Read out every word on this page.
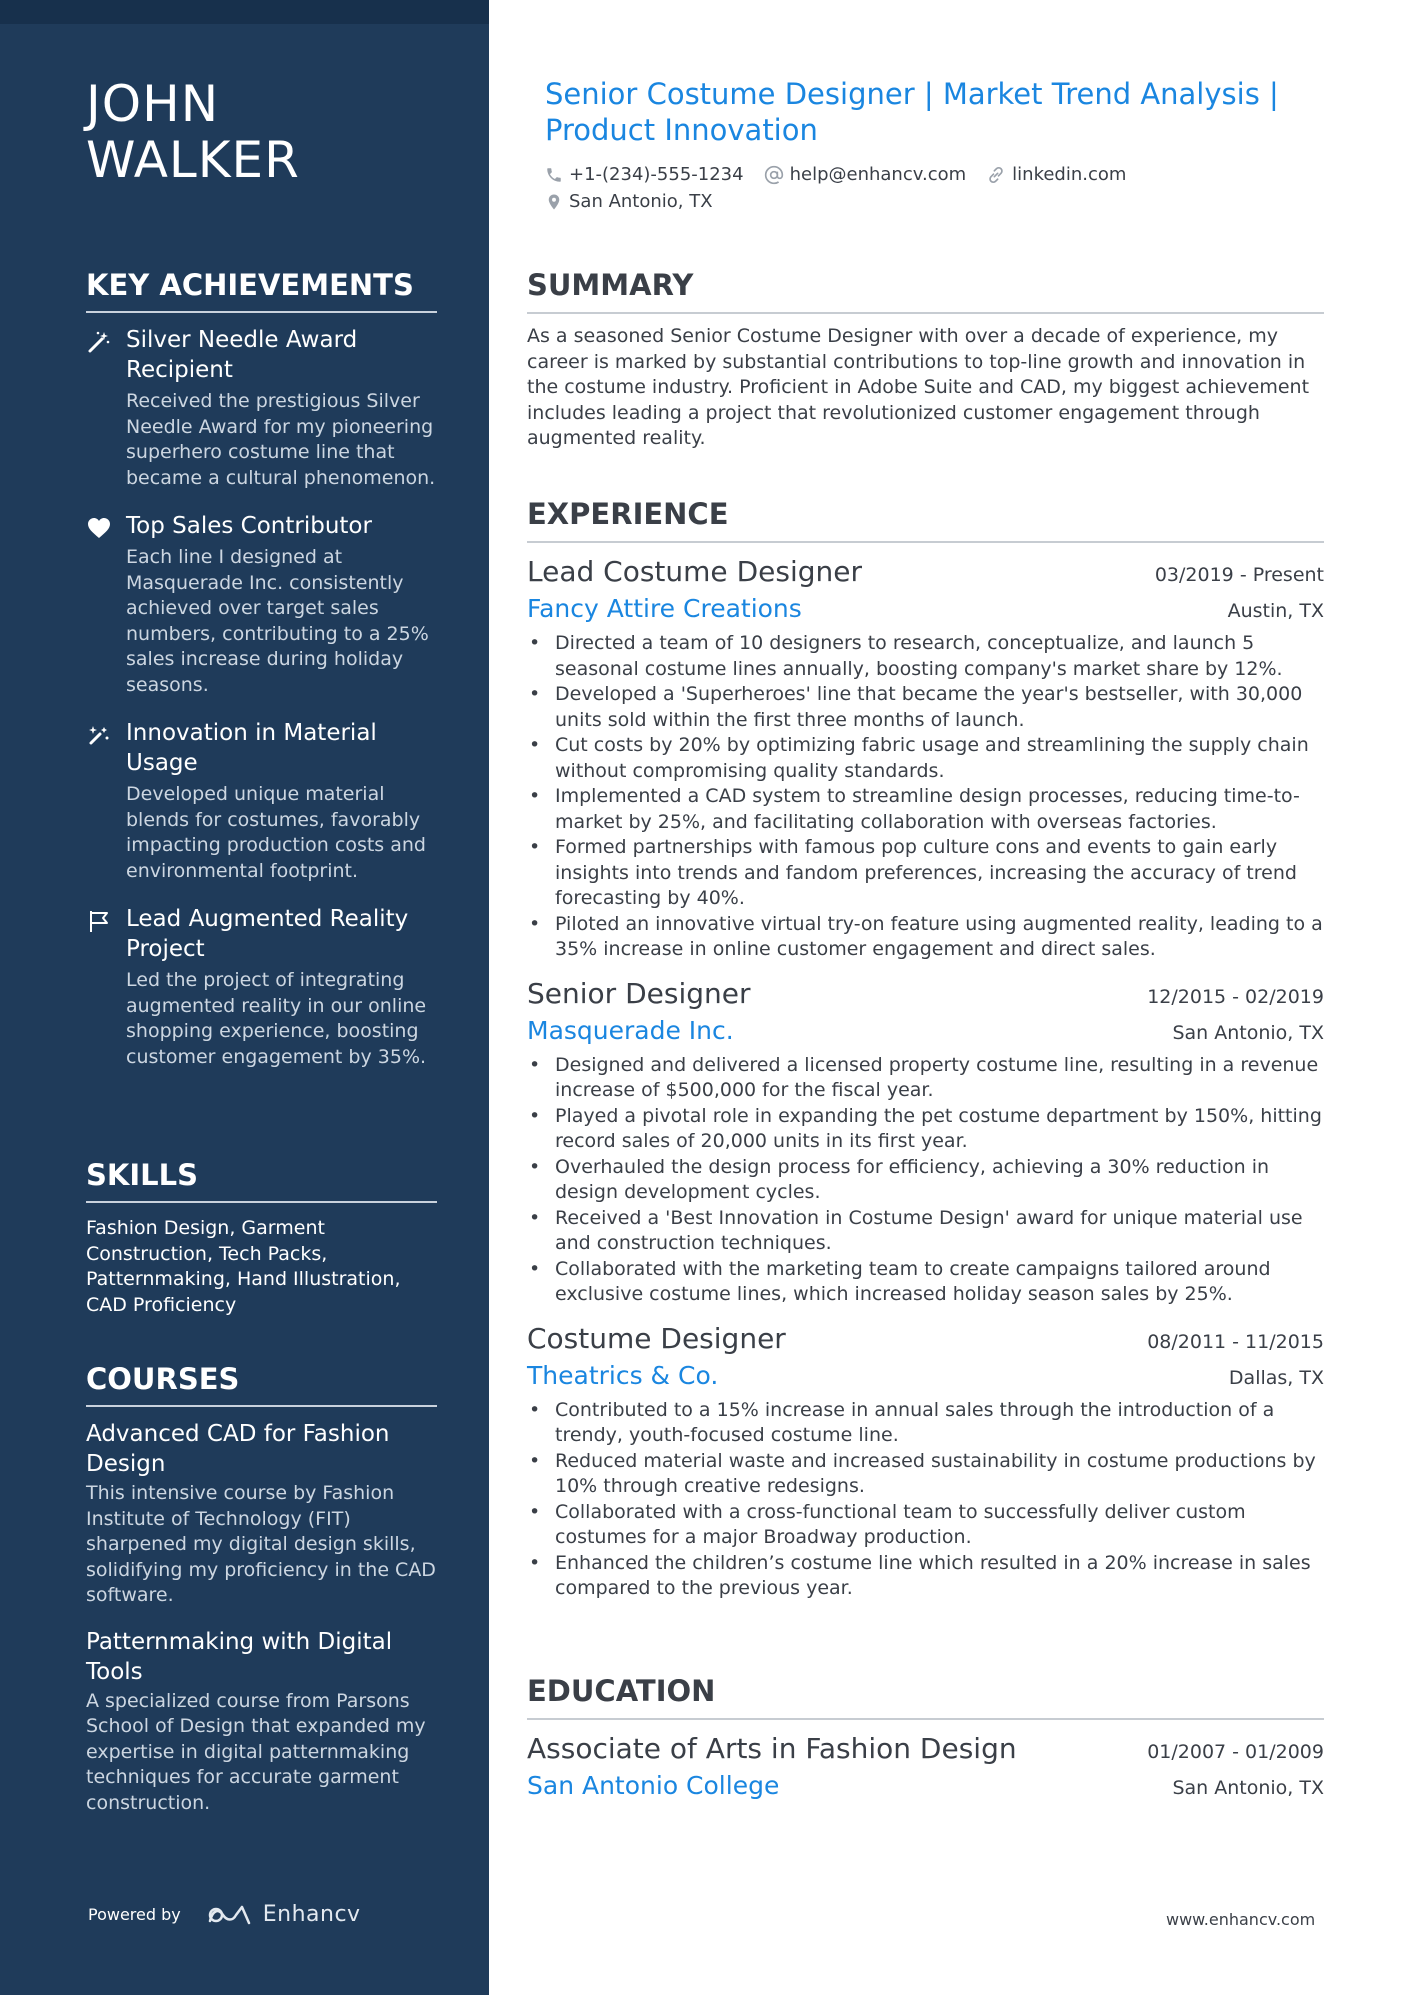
JOHN
WALKER
KEY ACHIEVEMENTS
Silver Needle Award Recipient
Received the prestigious Silver Needle Award for my pioneering superhero costume line that became a cultural phenomenon.
Top Sales Contributor
Each line I designed at Masquerade Inc. consistently achieved over target sales numbers, contributing to a 25% sales increase during holiday seasons.
Innovation in Material Usage
Developed unique material blends for costumes, favorably impacting production costs and environmental footprint.
Lead Augmented Reality Project
Led the project of integrating augmented reality in our online shopping experience, boosting customer engagement by 35%.
SKILLS
Fashion Design, Garment Construction, Tech Packs, Patternmaking, Hand Illustration, CAD Proficiency
COURSES
Advanced CAD for Fashion Design
This intensive course by Fashion Institute of Technology (FIT) sharpened my digital design skills, solidifying my proficiency in the CAD software.
Patternmaking with Digital Tools
A specialized course from Parsons School of Design that expanded my expertise in digital patternmaking techniques for accurate garment construction.
Powered by	Enhancv
Senior Costume Designer | Market Trend Analysis | Product Innovation
+1-(234)-555-1234	help@enhancv.com	linkedin.com
San Antonio, TX
SUMMARY
As a seasoned Senior Costume Designer with over a decade of experience, my career is marked by substantial contributions to top-line growth and innovation in the costume industry. Proficient in Adobe Suite and CAD, my biggest achievement includes leading a project that revolutionized customer engagement through augmented reality.
EXPERIENCE
Lead Costume Designer	03/2019 - Present
Fancy Attire Creations	Austin, TX
• Directed a team of 10 designers to research, conceptualize, and launch 5 seasonal costume lines annually, boosting company's market share by 12%.
• Developed a 'Superheroes' line that became the year's bestseller, with 30,000 units sold within the first three months of launch.
• Cut costs by 20% by optimizing fabric usage and streamlining the supply chain without compromising quality standards.
• Implemented a CAD system to streamline design processes, reducing time-to-market by 25%, and facilitating collaboration with overseas factories.
• Formed partnerships with famous pop culture cons and events to gain early insights into trends and fandom preferences, increasing the accuracy of trend forecasting by 40%.
• Piloted an innovative virtual try-on feature using augmented reality, leading to a 35% increase in online customer engagement and direct sales.
Senior Designer	12/2015 - 02/2019
Masquerade Inc.	San Antonio, TX
• Designed and delivered a licensed property costume line, resulting in a revenue increase of $500,000 for the fiscal year.
• Played a pivotal role in expanding the pet costume department by 150%, hitting record sales of 20,000 units in its first year.
• Overhauled the design process for efficiency, achieving a 30% reduction in design development cycles.
• Received a 'Best Innovation in Costume Design' award for unique material use and construction techniques.
• Collaborated with the marketing team to create campaigns tailored around exclusive costume lines, which increased holiday season sales by 25%.
Costume Designer	08/2011 - 11/2015
Theatrics & Co.	Dallas, TX
• Contributed to a 15% increase in annual sales through the introduction of a trendy, youth-focused costume line.
• Reduced material waste and increased sustainability in costume productions by 10% through creative redesigns.
• Collaborated with a cross-functional team to successfully deliver custom costumes for a major Broadway production.
• Enhanced the children’s costume line which resulted in a 20% increase in sales compared to the previous year.
EDUCATION
Associate of Arts in Fashion Design	01/2007 - 01/2009
San Antonio College	San Antonio, TX
www.enhancv.com
